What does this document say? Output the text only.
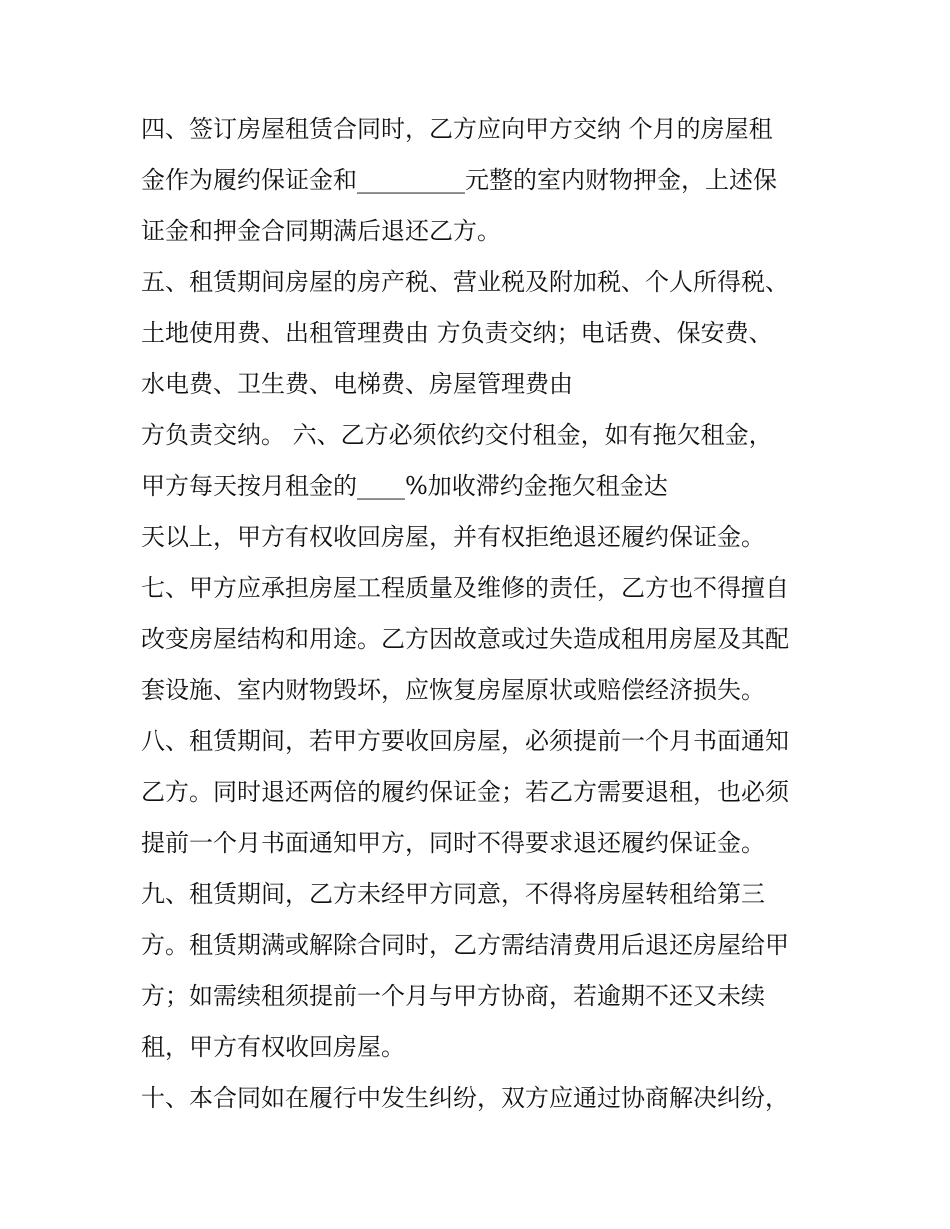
四、签订房屋租赁合同时，乙方应向甲方交纳 个月的房屋租
金作为履约保证金和_________元整的室内财物押金，上述保
证金和押金合同期满后退还乙方。
五、租赁期间房屋的房产税、营业税及附加税、个人所得税、
土地使用费、出租管理费由 方负责交纳；电话费、保安费、
水电费、卫生费、电梯费、房屋管理费由
方负责交纳。 六、乙方必须依约交付租金，如有拖欠租金，
甲方每天按月租金的____%加收滞约金拖欠租金达
天以上，甲方有权收回房屋，并有权拒绝退还履约保证金。
七、甲方应承担房屋工程质量及维修的责任，乙方也不得擅自
改变房屋结构和用途。乙方因故意或过失造成租用房屋及其配
套设施、室内财物毁坏，应恢复房屋原状或赔偿经济损失。
八、租赁期间，若甲方要收回房屋，必须提前一个月书面通知
乙方。同时退还两倍的履约保证金；若乙方需要退租，也必须
提前一个月书面通知甲方，同时不得要求退还履约保证金。
九、租赁期间，乙方未经甲方同意，不得将房屋转租给第三
方。租赁期满或解除合同时，乙方需结清费用后退还房屋给甲
方；如需续租须提前一个月与甲方协商，若逾期不还又未续
租，甲方有权收回房屋。
十、本合同如在履行中发生纠纷，双方应通过协商解决纠纷，
